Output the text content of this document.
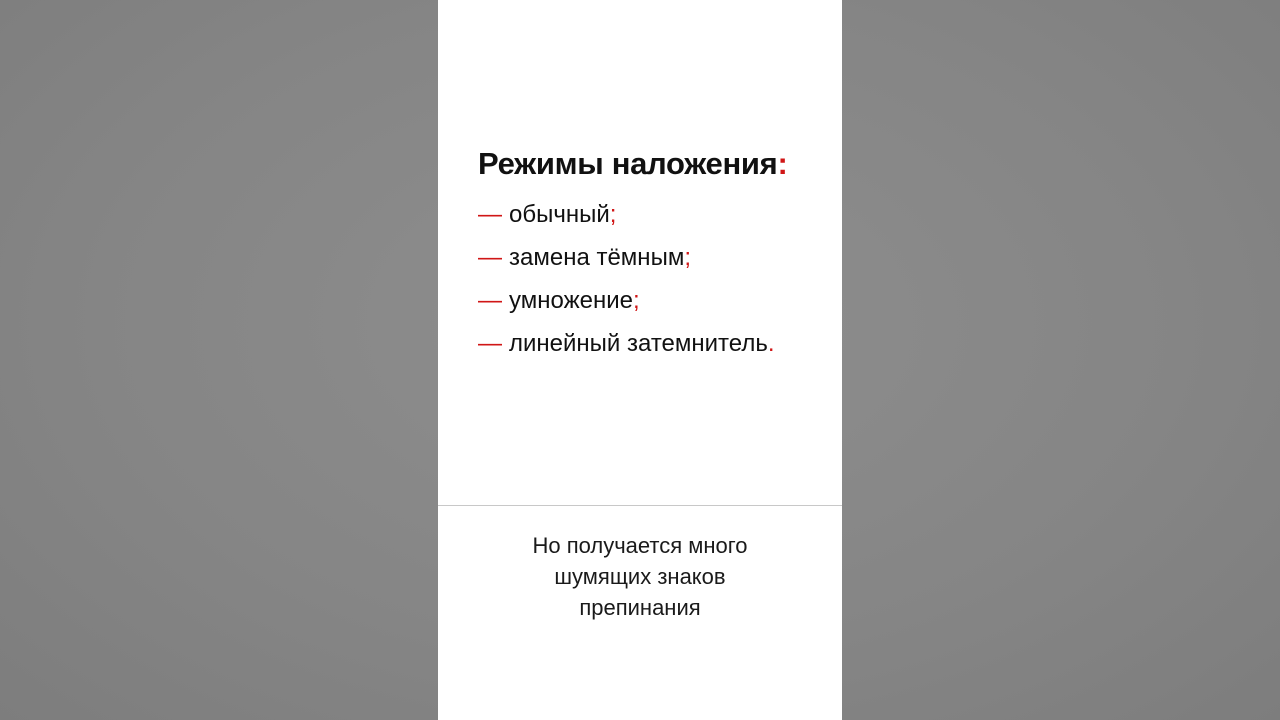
Режимы наложения:
— обычный;
— замена тёмным;
— умножение;
— линейный затемнитель.

Но получается много
шумящих знаков
препинания
